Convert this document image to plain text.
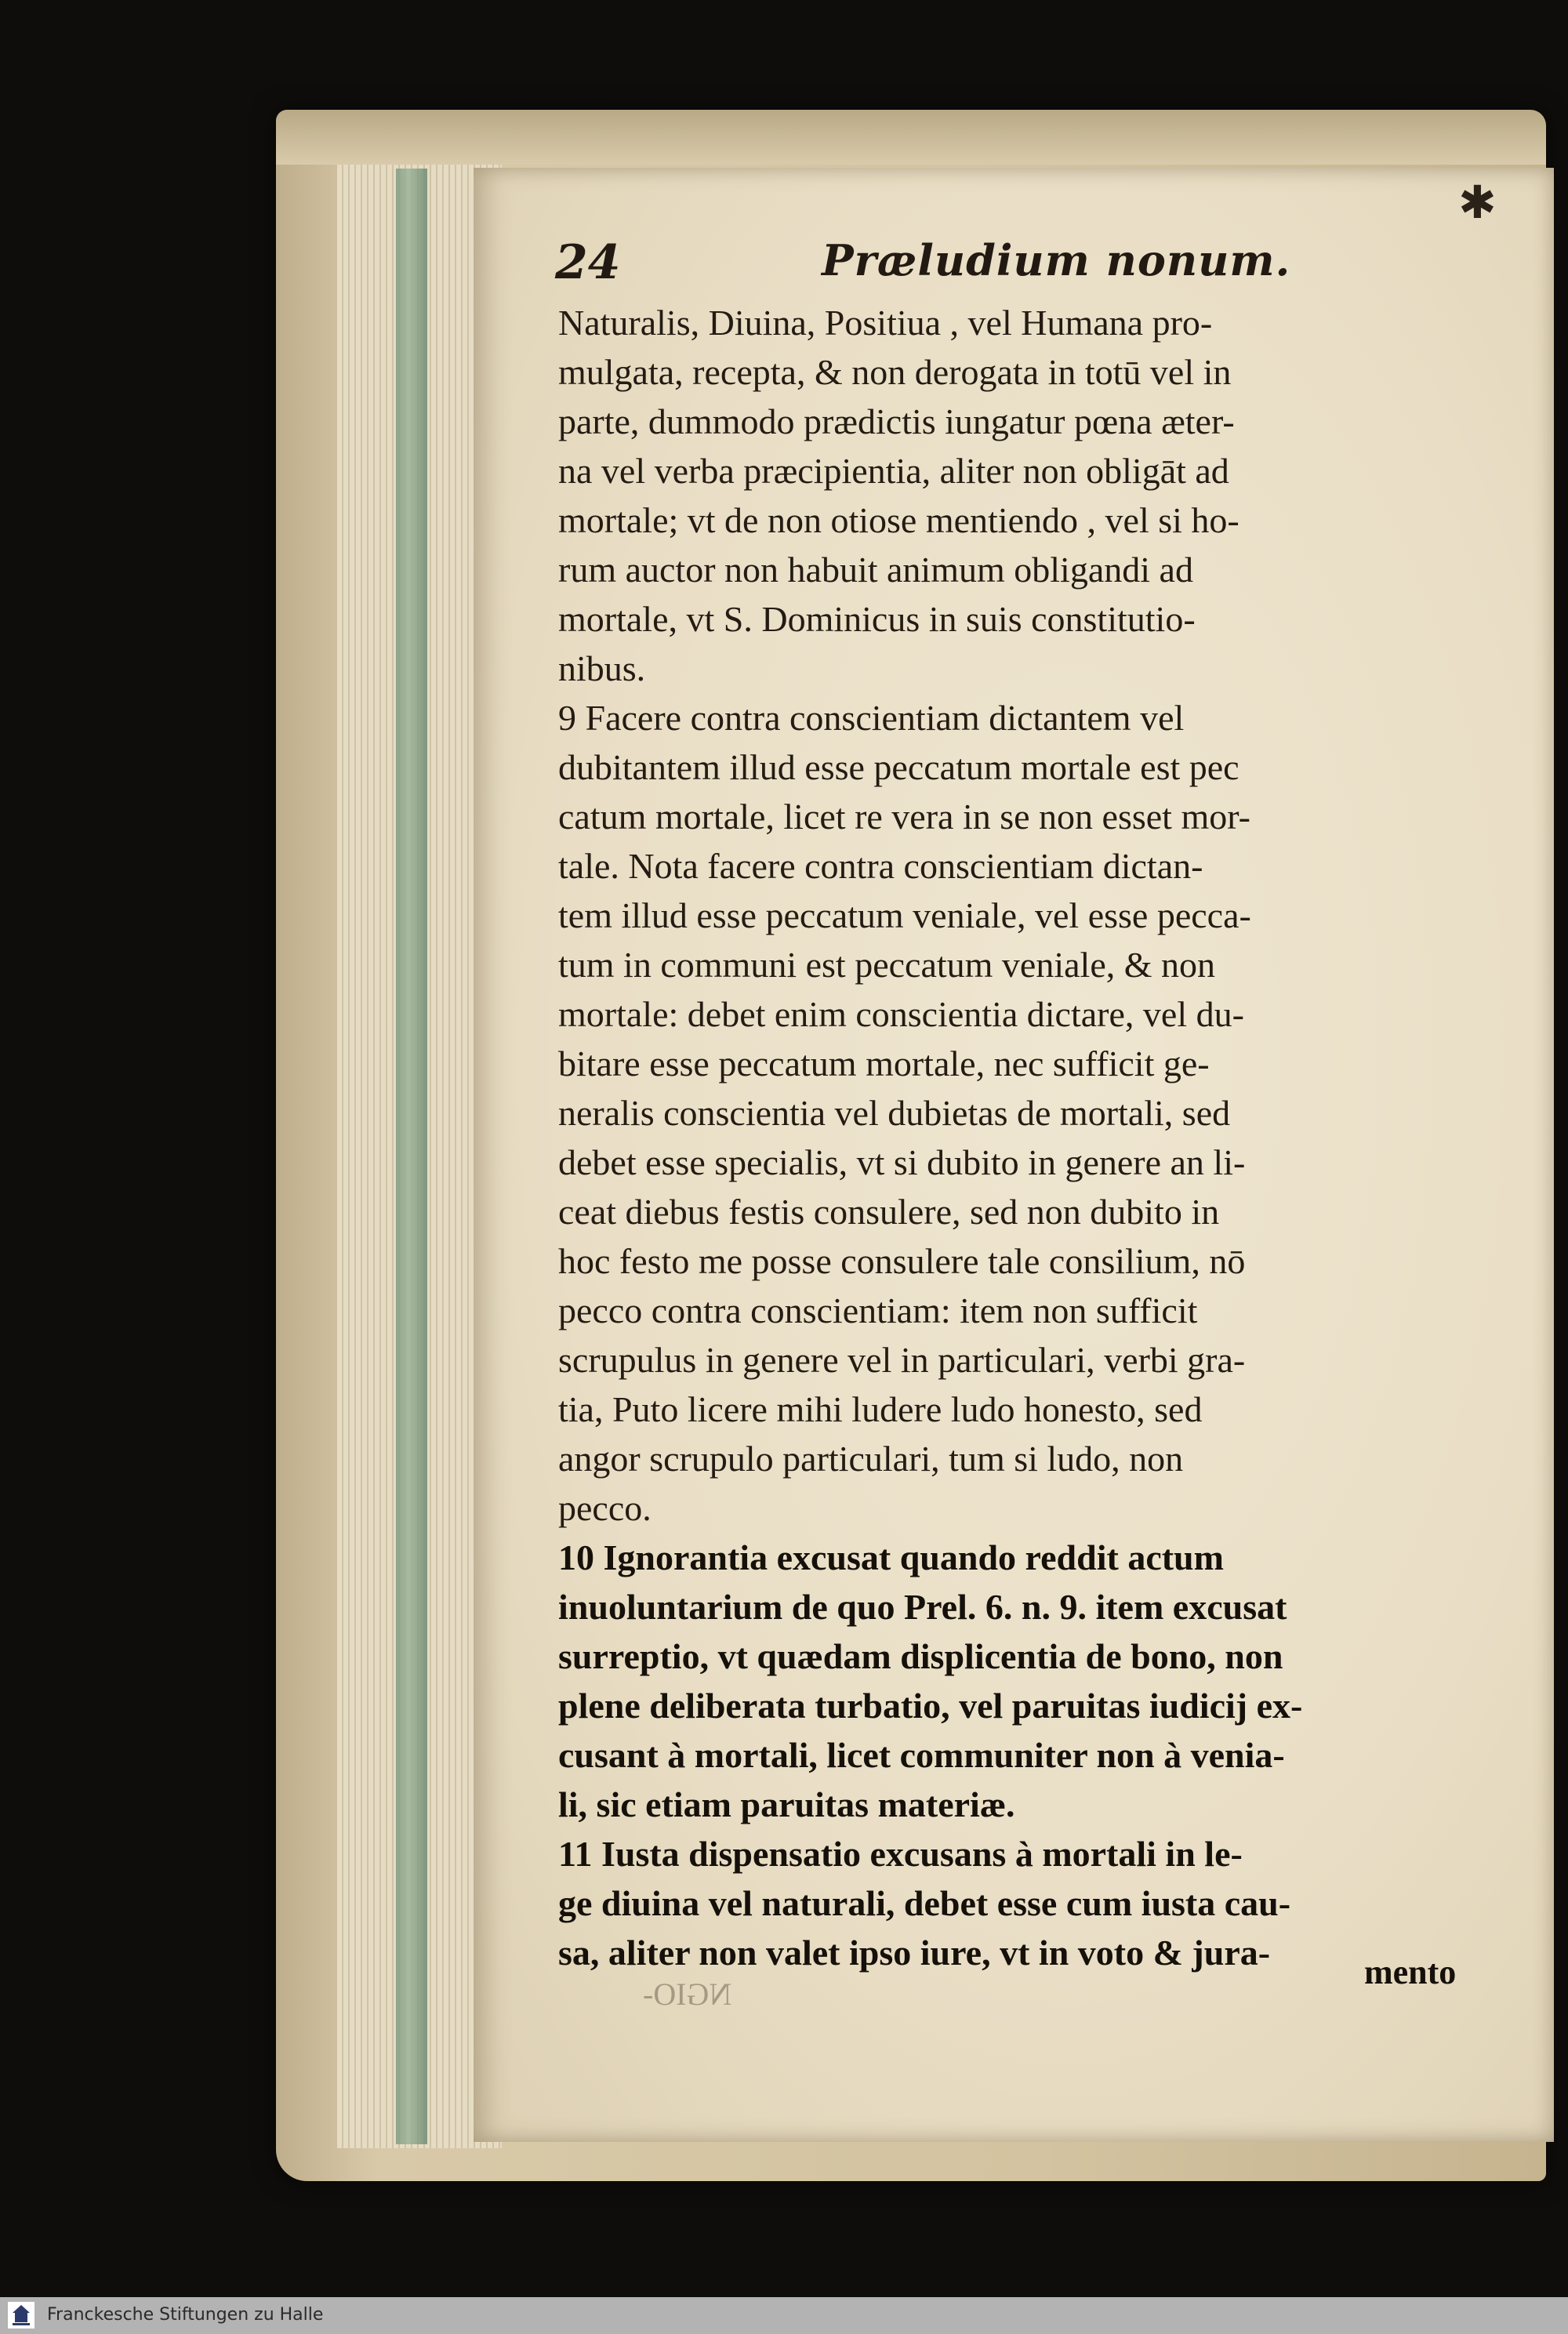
✱
24	Præludium nonum.
Naturalis, Diuina, Positiua , vel Humana pro-
mulgata, recepta, & non derogata in totū vel in
parte, dummodo prædictis iungatur pœna æter-
na vel verba præcipientia, aliter non obligāt ad
mortale; vt de non otiose mentiendo , vel si ho-
rum auctor non habuit animum obligandi ad
mortale, vt S. Dominicus in suis constitutio-
nibus.
9 Facere contra conscientiam dictantem vel
dubitantem illud esse peccatum mortale est pec
catum mortale, licet re vera in se non esset mor-
tale. Nota facere contra conscientiam dictan-
tem illud esse peccatum veniale, vel esse pecca-
tum in communi est peccatum veniale, & non
mortale: debet enim conscientia dictare, vel du-
bitare esse peccatum mortale, nec sufficit ge-
neralis conscientia vel dubietas de mortali, sed
debet esse specialis, vt si dubito in genere an li-
ceat diebus festis consulere, sed non dubito in
hoc festo me posse consulere tale consilium, nō
pecco contra conscientiam: item non sufficit
scrupulus in genere vel in particulari, verbi gra-
tia, Puto licere mihi ludere ludo honesto, sed
angor scrupulo particulari, tum si ludo, non
pecco.
10 Ignorantia excusat quando reddit actum
inuoluntarium de quo Prel. 6. n. 9. item excusat
surreptio, vt quædam displicentia de bono, non
plene deliberata turbatio, vel paruitas iudicij ex-
cusant à mortali, licet communiter non à venia-
li, sic etiam paruitas materiæ.
11 Iusta dispensatio excusans à mortali in le-
ge diuina vel naturali, debet esse cum iusta cau-
sa, aliter non valet ipso iure, vt in voto & jura-	mento
NGIO-
Franckesche Stiftungen zu Halle
